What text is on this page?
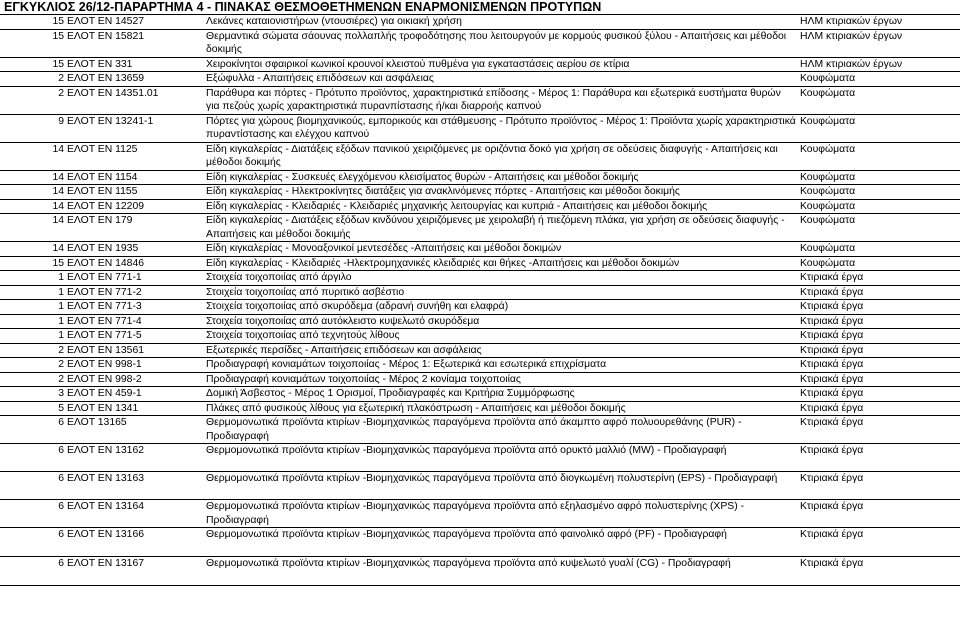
ΕΓΚΥΚΛΙΟΣ 26/12-ΠΑΡΑΡΤΗΜΑ 4 - ΠΙΝΑΚΑΣ ΘΕΣΜΟΘΕΤΗΜΕΝΩΝ ΕΝΑΡΜΟΝΙΣΜΕΝΩΝ ΠΡΟΤΥΠΩΝ
15	ΕΛΟΤ ΕΝ 14527	Λεκάνες καταιονιστήρων (ντουσιέρες) για οικιακή χρήση	ΗΛΜ κτιριακών έργων
15	ΕΛΟΤ ΕΝ 15821	Θερμαντικά σώματα σάουνας πολλαπλής τροφοδότησης που λειτουργούν με κορμούς φυσικού ξύλου - Απαιτήσεις και μέθοδοι δοκιμής	ΗΛΜ κτιριακών έργων
15	ΕΛΟΤ ΕΝ 331	Χειροκίνητοι σφαιρικοί κωνικοί κρουνοί κλειστού πυθμένα για εγκαταστάσεις αερίου σε κτίρια	ΗΛΜ κτιριακών έργων
2	ΕΛΟΤ ΕΝ 13659	Εξώφυλλα - Απαιτήσεις επιδόσεων και ασφάλειας	Κουφώματα
2	ΕΛΟΤ ΕΝ 14351.01	Παράθυρα και πόρτες - Πρότυπο προϊόντος, χαρακτηριστικά επίδοσης - Μέρος 1: Παράθυρα και εξωτερικά ευστήματα θυρών για πεζούς χωρίς χαρακτηριστικά πυρανπίστασης ή/και διαρροής καπνού	Κουφώματα
9	ΕΛΟΤ ΕΝ 13241-1	Πόρτες για χώρους βιομηχανικούς, εμπορικούς και στάθμευσης - Πρότυπο προϊόντος - Μέρος 1: Προϊόντα χωρίς χαρακτηριστικά πυραντίστασης και ελέγχου καπνού	Κουφώματα
14	ΕΛΟΤ ΕΝ 1125	Είδη κιγκαλερίας - Διατάξεις εξόδων πανικού χειριζόμενες με οριζόντια δοκό για χρήση σε οδεύσεις διαφυγής - Απαιτήσεις και μέθοδοι δοκιμής	Κουφώματα
14	ΕΛΟΤ ΕΝ 1154	Είδη κιγκαλερίας - Συσκευές ελεγχόμενου κλεισίματος θυρών - Απαιτήσεις και μέθοδοι δοκιμής	Κουφώματα
14	ΕΛΟΤ ΕΝ 1155	Είδη κιγκαλερίας - Ηλεκτροκίνητες διατάξεις για ανακλινόμενες πόρτες - Απαιτήσεις και μέθοδοι δοκιμής	Κουφώματα
14	ΕΛΟΤ ΕΝ 12209	Είδη κιγκαλερίας - Κλειδαριές - Κλειδαριές μηχανικής λειτουργίας και κυπριά - Απαιτήσεις και μέθοδοι δοκιμής	Κουφώματα
14	ΕΛΟΤ ΕΝ 179	Είδη κιγκαλερίας - Διατάξεις εξόδων κινδύνου χειριζόμενες με χειρολαβή ή πιεζόμενη πλάκα, για χρήση σε οδεύσεις διαφυγής - Απαιτήσεις και μέθοδοι δοκιμής	Κουφώματα
14	ΕΛΟΤ ΕΝ 1935	Είδη κιγκαλερίας - Μονοαξονικοί μεντεσέδες -Απαιτήσεις και μέθοδοι δοκιμών	Κουφώματα
15	ΕΛΟΤ ΕΝ 14846	Είδη κιγκαλερίας - Κλειδαριές -Ηλεκτρομηχανικές κλειδαριές και θήκες -Απαιτήσεις και μέθοδοι δοκιμών	Κουφώματα
1	ΕΛΟΤ ΕΝ 771-1	Στοιχεία τοιχοποιίας από άργιλο	Κτιριακά έργα
1	ΕΛΟΤ ΕΝ 771-2	Στοιχεία τοιχοποιίας από πυριτικό ασβέστιο	Κτιριακά έργα
1	ΕΛΟΤ ΕΝ 771-3	Στοιχεία τοιχοποιίας από σκυρόδεμα (αδρανή συνήθη και ελαφρά)	Κτιριακά έργα
1	ΕΛΟΤ ΕΝ 771-4	Στοιχεία τοιχοποιίας από αυτόκλειστο κυψελωτό σκυρόδεμα	Κτιριακά έργα
1	ΕΛΟΤ ΕΝ 771-5	Στοιχεία τοιχοποιίας από τεχνητούς λίθους	Κτιριακά έργα
2	ΕΛΟΤ ΕΝ 13561	Εξωτερικές περσίδες - Απαιτήσεις επιδόσεων και ασφάλειας	Κτιριακά έργα
2	ΕΛΟΤ ΕΝ 998-1	Προδιαγραφή κονιαμάτων τοιχοποιίας - Μέρος 1: Εξωτερικά και εσωτερικά επιχρίσματα	Κτιριακά έργα
2	ΕΛΟΤ ΕΝ 998-2	Προδιαγραφή κονιαμάτων τοιχοποιίας - Μέρος 2 κονίαμα τοιχοποιίας	Κτιριακά έργα
3	ΕΛΟΤ ΕΝ 459-1	Δομική Άσβεστος - Μέρος 1 Ορισμοί, Προδιαγραφές και Κριτήρια Συμμόρφωσης	Κτιριακά έργα
5	ΕΛΟΤ ΕΝ 1341	Πλάκες από φυσικούς λίθους για εξωτερική πλακόστρωση - Απαιτήσεις και μέθοδοι δοκιμής	Κτιριακά έργα
6	ΕΛΟΤ 13165	Θερμομονωτικά προϊόντα κτιρίων -Βιομηχανικώς παραγόμενα προϊόντα από άκαμπτο αφρό πολυουρεθάνης (PUR) - Προδιαγραφή	Κτιριακά έργα
6	ΕΛΟΤ ΕΝ 13162	Θερμομονωτικά προϊόντα κτιρίων -Βιομηχανικώς παραγόμενα προϊόντα από ορυκτό μαλλιό (MW) - Προδιαγραφή	Κτιριακά έργα
6	ΕΛΟΤ ΕΝ 13163	Θερμομονωτικά προϊόντα κτιρίων -Βιομηχανικώς παραγόμενα προϊόντα από διογκωμένη πολυστερίνη (EPS) - Προδιαγραφή	Κτιριακά έργα
6	ΕΛΟΤ ΕΝ 13164	Θερμομονωτικά προϊόντα κτιρίων -Βιομηχανικώς παραγόμενα προϊόντα από εξηλασμένο αφρό πολυστερίνης (XPS) - Προδιαγραφή	Κτιριακά έργα
6	ΕΛΟΤ ΕΝ 13166	Θερμομονωτικά προϊόντα κτιρίων -Βιομηχανικώς παραγόμενα προϊόντα από φαινολικό αφρό (PF) - Προδιαγραφή	Κτιριακά έργα
6	ΕΛΟΤ ΕΝ 13167	Θερμομονωτικά προϊόντα κτιρίων -Βιομηχανικώς παραγόμενα προϊόντα από κυψελωτό γυαλί (CG) - Προδιαγραφή	Κτιριακά έργα
